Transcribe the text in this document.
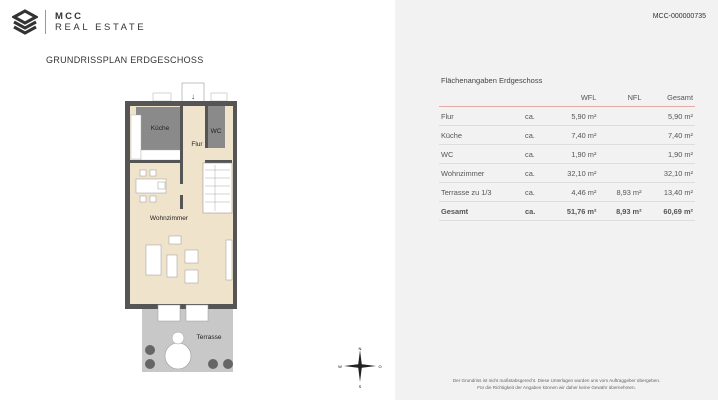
MCC
REAL ESTATE
GRUNDRISSPLAN ERDGESCHOSS
↓
Küche	WC
Flur
Wohnzimmer
Terrasse
N
S
W	O
MCC-000000735
Flächenangaben Erdgeschoss
		WFL	NFL	Gesamt
Flur	ca.	5,90 m²		5,90 m²
Küche	ca.	7,40 m²		7,40 m²
WC	ca.	1,90 m²		1,90 m²
Wohnzimmer	ca.	32,10 m²		32,10 m²
Terrasse zu 1/3	ca.	4,46 m²	8,93 m²	13,40 m²
Gesamt	ca.	51,76 m²	8,93 m²	60,69 m²
Der Grundriss ist nicht maßstabsgerecht. Diese Unterlagen wurden uns vom Auftraggeber übergeben.
Für die Richtigkeit der Angaben können wir daher keine Gewähr übernehmen.
